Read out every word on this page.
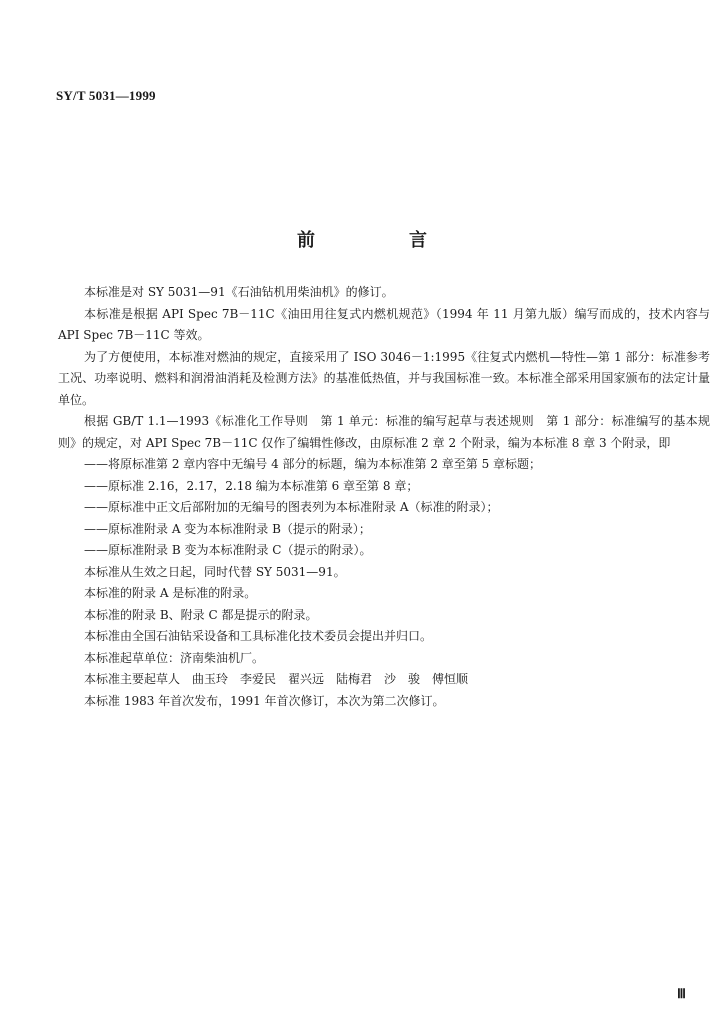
SY/T 5031—1999
前　言

本标准是对 SY 5031—91《石油钻机用柴油机》的修订。

本标准是根据 API Spec 7B－11C《油田用往复式内燃机规范》（1994 年 11 月第九版）编写而成的，技术内容与 API Spec 7B－11C 等效。

为了方便使用，本标准对燃油的规定，直接采用了 ISO 3046－1:1995《往复式内燃机—特性—第 1 部分：标准参考工况、功率说明、燃料和润滑油消耗及检测方法》的基准低热值，并与我国标准一致。本标准全部采用国家颁布的法定计量单位。

根据 GB/T 1.1—1993《标准化工作导则　第 1 单元：标准的编写起草与表述规则　第 1 部分：标准编写的基本规则》的规定，对 API Spec 7B－11C 仅作了编辑性修改，由原标准 2 章 2 个附录，编为本标准 8 章 3 个附录，即

——将原标准第 2 章内容中无编号 4 部分的标题，编为本标准第 2 章至第 5 章标题；

——原标准 2.16，2.17，2.18 编为本标准第 6 章至第 8 章；

——原标准中正文后部附加的无编号的图表列为本标准附录 A（标准的附录）；

——原标准附录 A 变为本标准附录 B（提示的附录）；

——原标准附录 B 变为本标准附录 C（提示的附录）。

本标准从生效之日起，同时代替 SY 5031—91。

本标准的附录 A 是标准的附录。

本标准的附录 B、附录 C 都是提示的附录。

本标准由全国石油钻采设备和工具标准化技术委员会提出并归口。

本标准起草单位：济南柴油机厂。

本标准主要起草人　曲玉玲　李爱民　翟兴远　陆梅君　沙　骏　傅恒顺

本标准 1983 年首次发布，1991 年首次修订，本次为第二次修订。

Ⅲ
